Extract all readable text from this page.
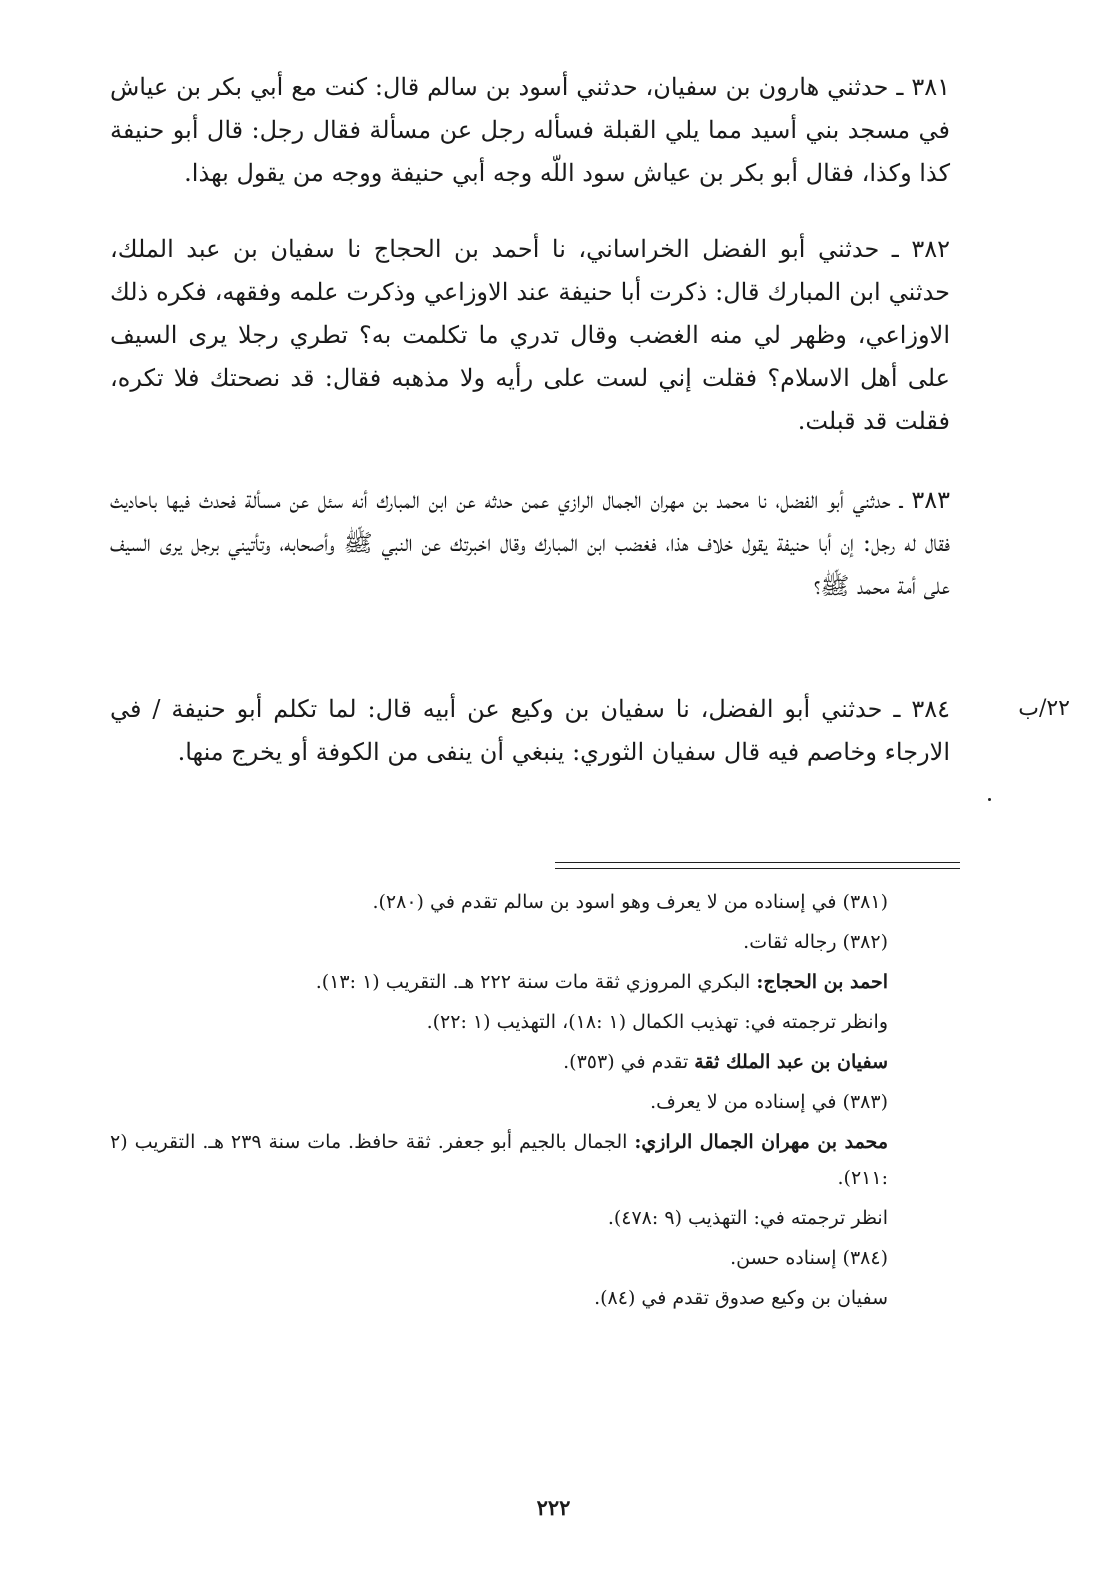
٣٨١ ـ حدثني هارون بن سفيان، حدثني أسود بن سالم قال: كنت مع أبي بكر بن عياش في مسجد بني أسيد مما يلي القبلة فسأله رجل عن مسألة فقال رجل: قال أبو حنيفة كذا وكذا، فقال أبو بكر بن عياش سود اللّه وجه أبي حنيفة ووجه من يقول بهذا.

٣٨٢ ـ حدثني أبو الفضل الخراساني، نا أحمد بن الحجاج نا سفيان بن عبد الملك، حدثني ابن المبارك قال: ذكرت أبا حنيفة عند الاوزاعي وذكرت علمه وفقهه، فكره ذلك الاوزاعي، وظهر لي منه الغضب وقال تدري ما تكلمت به؟ تطري رجلا يرى السيف على أهل الاسلام؟ فقلت إني لست على رأيه ولا مذهبه فقال: قد نصحتك فلا تكره، فقلت قد قبلت.

٣٨٣ ـ حدثني أبو الفضل، نا محمد بن مهران الجمال الرازي عمن حدثه عن ابن المبارك أنه سئل عن مسألة فحدث فيها باحاديث فقال له رجل: إن أبا حنيفة يقول خلاف هذا، فغضب ابن المبارك وقال اخبرتك عن النبي ﷺ وأصحابه، وتأتيني برجل يرى السيف على أمة محمد ﷺ؟

٣٨٤ ـ حدثني أبو الفضل، نا سفيان بن وكيع عن أبيه قال: لما تكلم أبو حنيفة / في الارجاء وخاصم فيه قال سفيان الثوري: ينبغي أن ينفى من الكوفة أو يخرج منها.

٢٢/ب

(٣٨١) في إسناده من لا يعرف وهو اسود بن سالم تقدم في (٢٨٠).

(٣٨٢) رجاله ثقات.

احمد بن الحجاج: البكري المروزي ثقة مات سنة ٢٢٢ هـ. التقريب (١ :١٣).

وانظر ترجمته في: تهذيب الكمال (١ :١٨)، التهذيب (١ :٢٢).

سفيان بن عبد الملك ثقة تقدم في (٣٥٣).

(٣٨٣) في إسناده من لا يعرف.

محمد بن مهران الجمال الرازي: الجمال بالجيم أبو جعفر. ثقة حافظ. مات سنة ٢٣٩ هـ. التقريب (٢ :٢١١).

انظر ترجمته في: التهذيب (٩ :٤٧٨).

(٣٨٤) إسناده حسن.

سفيان بن وكيع صدوق تقدم في (٨٤).

٢٢٢
